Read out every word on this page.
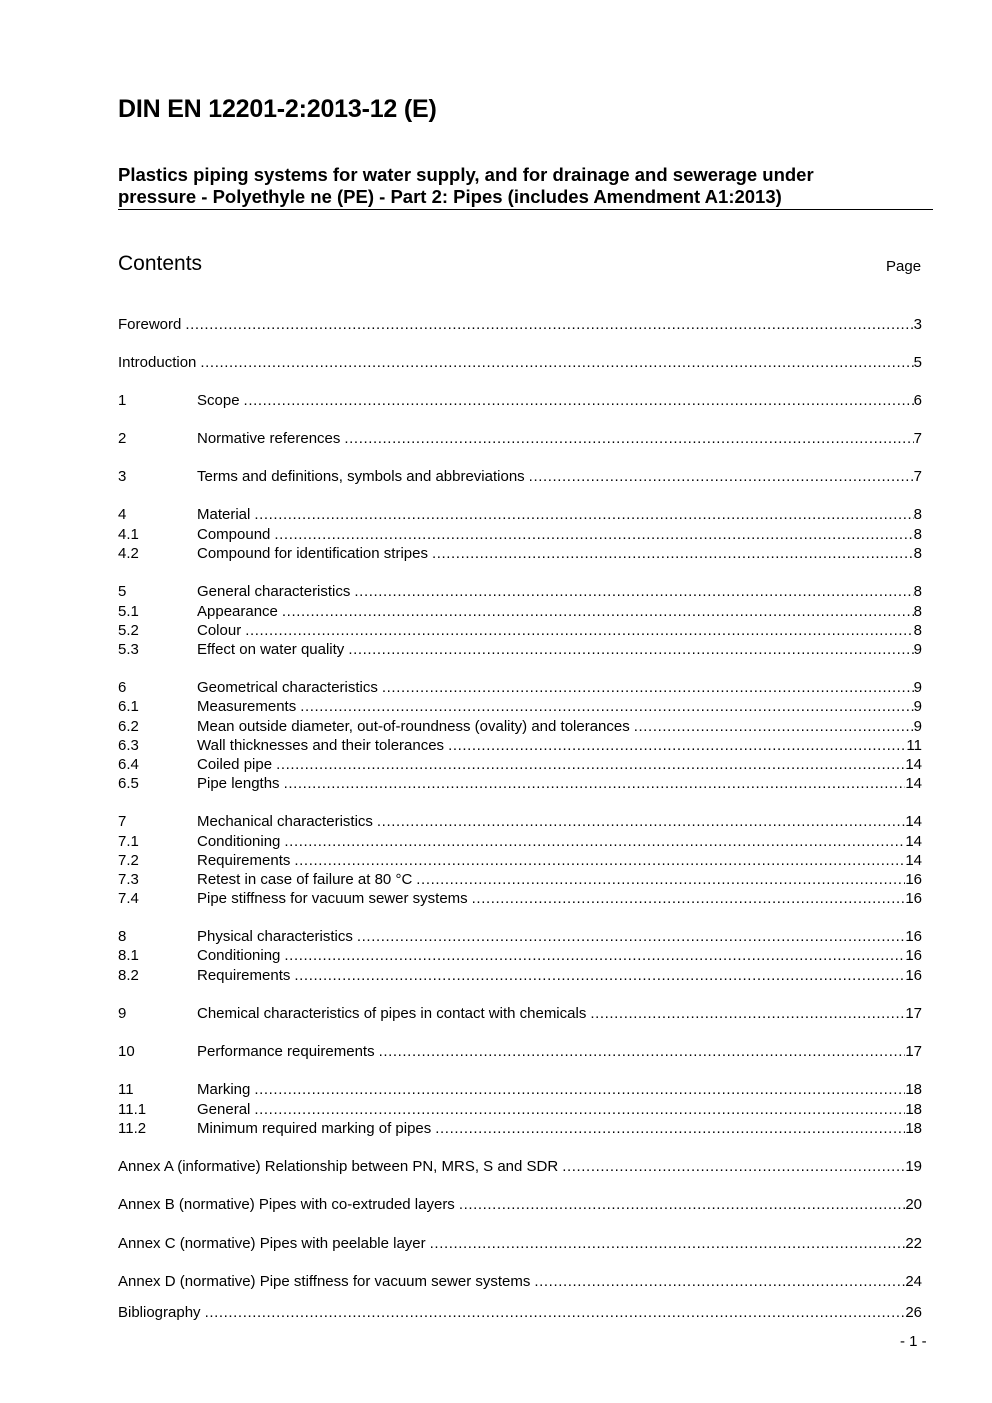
DIN EN 12201-2:2013-12 (E)
Plastics piping systems for water supply, and for drainage and sewerage under
pressure - Polyethyle ne (PE) - Part 2: Pipes (includes Amendment A1:2013)
Contents	Page
Foreword .....	3
Introduction .....	5
1	Scope .....	6
2	Normative references .....	7
3	Terms and definitions, symbols and abbreviations .....	7
4	Material .....	8
4.1	Compound .....	8
4.2	Compound for identification stripes .....	8
5	General characteristics .....	8
5.1	Appearance .....	8
5.2	Colour .....	8
5.3	Effect on water quality .....	9
6	Geometrical characteristics .....	9
6.1	Measurements .....	9
6.2	Mean outside diameter, out-of-roundness (ovality) and tolerances .....	9
6.3	Wall thicknesses and their tolerances .....	11
6.4	Coiled pipe .....	14
6.5	Pipe lengths .....	14
7	Mechanical characteristics .....	14
7.1	Conditioning .....	14
7.2	Requirements .....	14
7.3	Retest in case of failure at 80 °C .....	16
7.4	Pipe stiffness for vacuum sewer systems .....	16
8	Physical characteristics .....	16
8.1	Conditioning .....	16
8.2	Requirements .....	16
9	Chemical characteristics of pipes in contact with chemicals .....	17
10	Performance requirements .....	17
11	Marking .....	18
11.1	General .....	18
11.2	Minimum required marking of pipes .....	18
Annex A (informative) Relationship between PN, MRS, S and SDR .....	19
Annex B (normative) Pipes with co-extruded layers .....	20
Annex C (normative) Pipes with peelable layer .....	22
Annex D (normative) Pipe stiffness for vacuum sewer systems .....	24
Bibliography .....	26
- 1 -
